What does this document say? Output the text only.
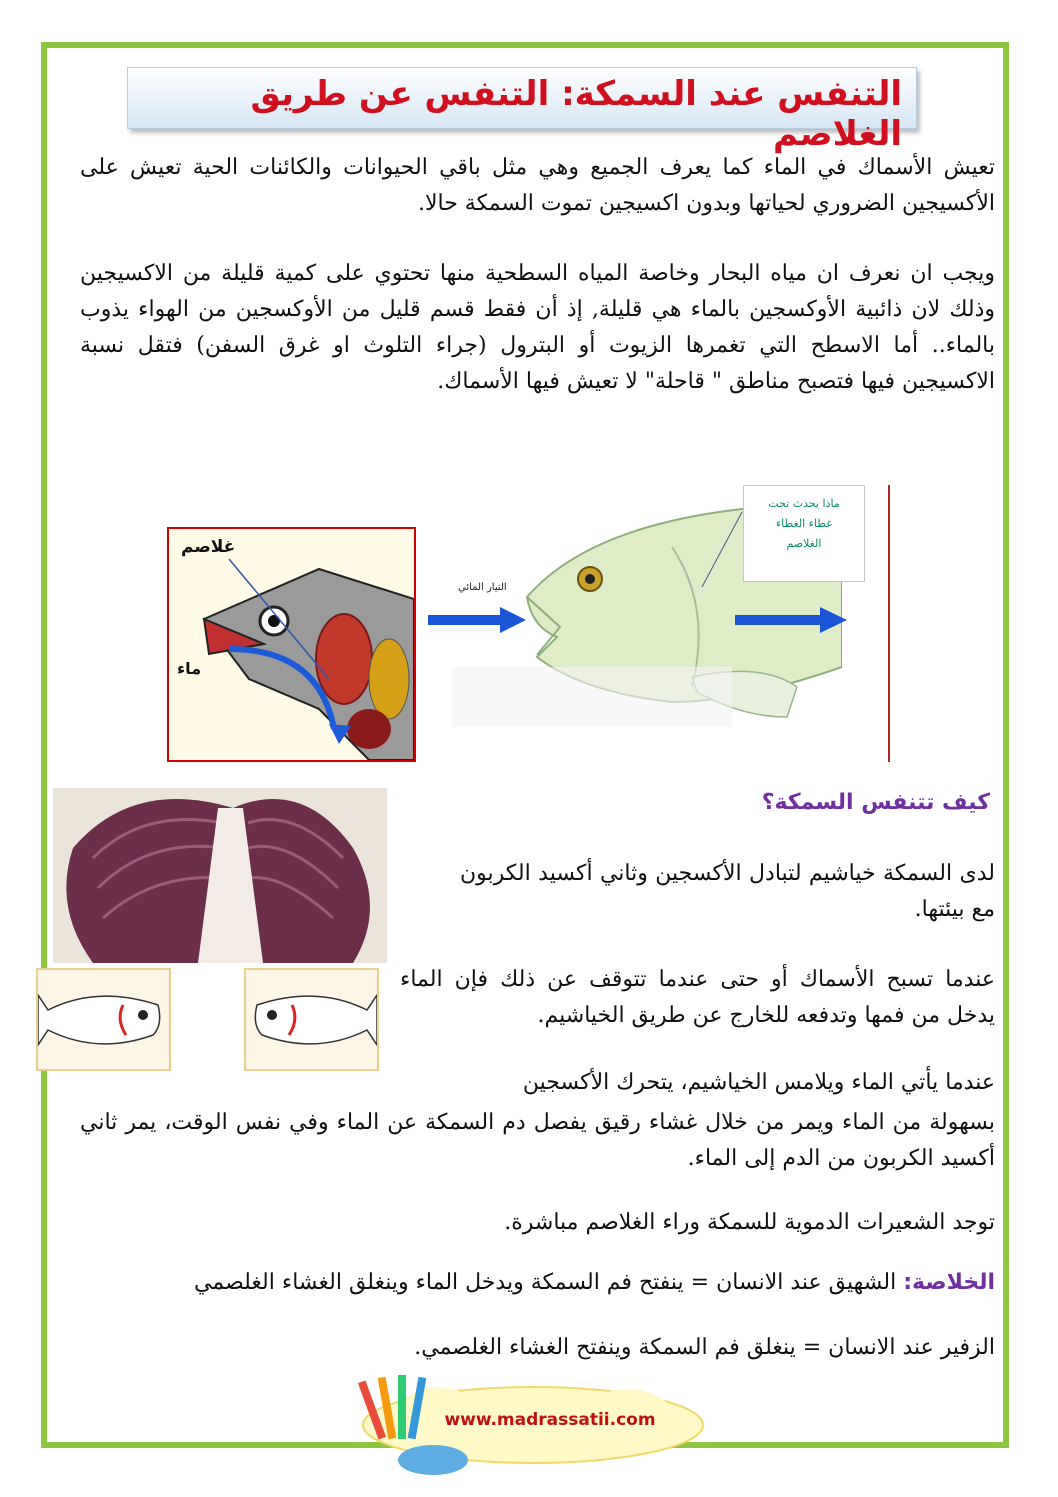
التنفس عند السمكة: التنفس عن طريق الغلاصم

تعيش الأسماك في الماء كما يعرف الجميع وهي مثل باقي الحيوانات والكائنات الحية تعيش على الأكسيجين الضروري لحياتها وبدون اكسيجين تموت السمكة حالا.

ويجب ان نعرف ان مياه البحار وخاصة المياه السطحية منها تحتوي على كمية قليلة من الاكسيجين وذلك لان ذائبية الأوكسجين بالماء هي قليلة, إذ أن فقط قسم قليل من الأوكسجين من الهواء يذوب بالماء.. أما الاسطح التي تغمرها الزيوت أو البترول (جراء التلوث او غرق السفن) فتقل نسبة الاكسيجين فيها فتصبح مناطق " قاحلة" لا تعيش فيها الأسماك.

غلاصم
ماء
التيار المائي
ماذا يحدث تحت
غطاء الغطاء
الغلاصم
كيف تتنفس السمكة؟

لدى السمكة خياشيم لتبادل الأكسجين وثاني أكسيد الكربون مع بيئتها.

عندما تسبح الأسماك أو حتى عندما تتوقف عن ذلك فإن الماء يدخل من فمها وتدفعه للخارج عن طريق الخياشيم.

عندما يأتي الماء ويلامس الخياشيم، يتحرك الأكسجين

بسهولة من الماء ويمر من خلال غشاء رقيق يفصل دم السمكة عن الماء وفي نفس الوقت، يمر ثاني أكسيد الكربون من الدم إلى الماء.

توجد الشعيرات الدموية للسمكة وراء الغلاصم مباشرة.

الخلاصة: الشهيق عند الانسان = ينفتح فم السمكة ويدخل الماء وينغلق الغشاء الغلصمي

الزفير عند الانسان = ينغلق فم السمكة وينفتح الغشاء الغلصمي.

www.madrassatii.com
